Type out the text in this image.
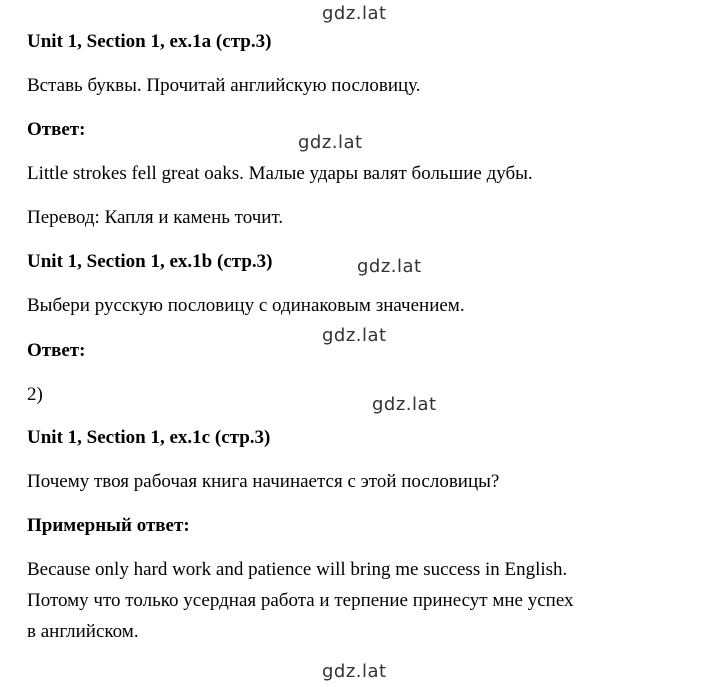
gdz.lat
gdz.lat
gdz.lat
gdz.lat
gdz.lat
gdz.lat
Unit 1, Section 1, ex.1a (стр.3)
Вставь буквы. Прочитай английскую пословицу.
Ответ:
Little strokes fell great oaks. Малые удары валят большие дубы.
Перевод: Капля и камень точит.
Unit 1, Section 1, ex.1b (стр.3)
Выбери русскую пословицу с одинаковым значением.
Ответ:
2)
Unit 1, Section 1, ex.1c (стр.3)
Почему твоя рабочая книга начинается с этой пословицы?
Примерный ответ:
Because only hard work and patience will bring me success in English.
Потому что только усердная работа и терпение принесут мне успех
в английском.
